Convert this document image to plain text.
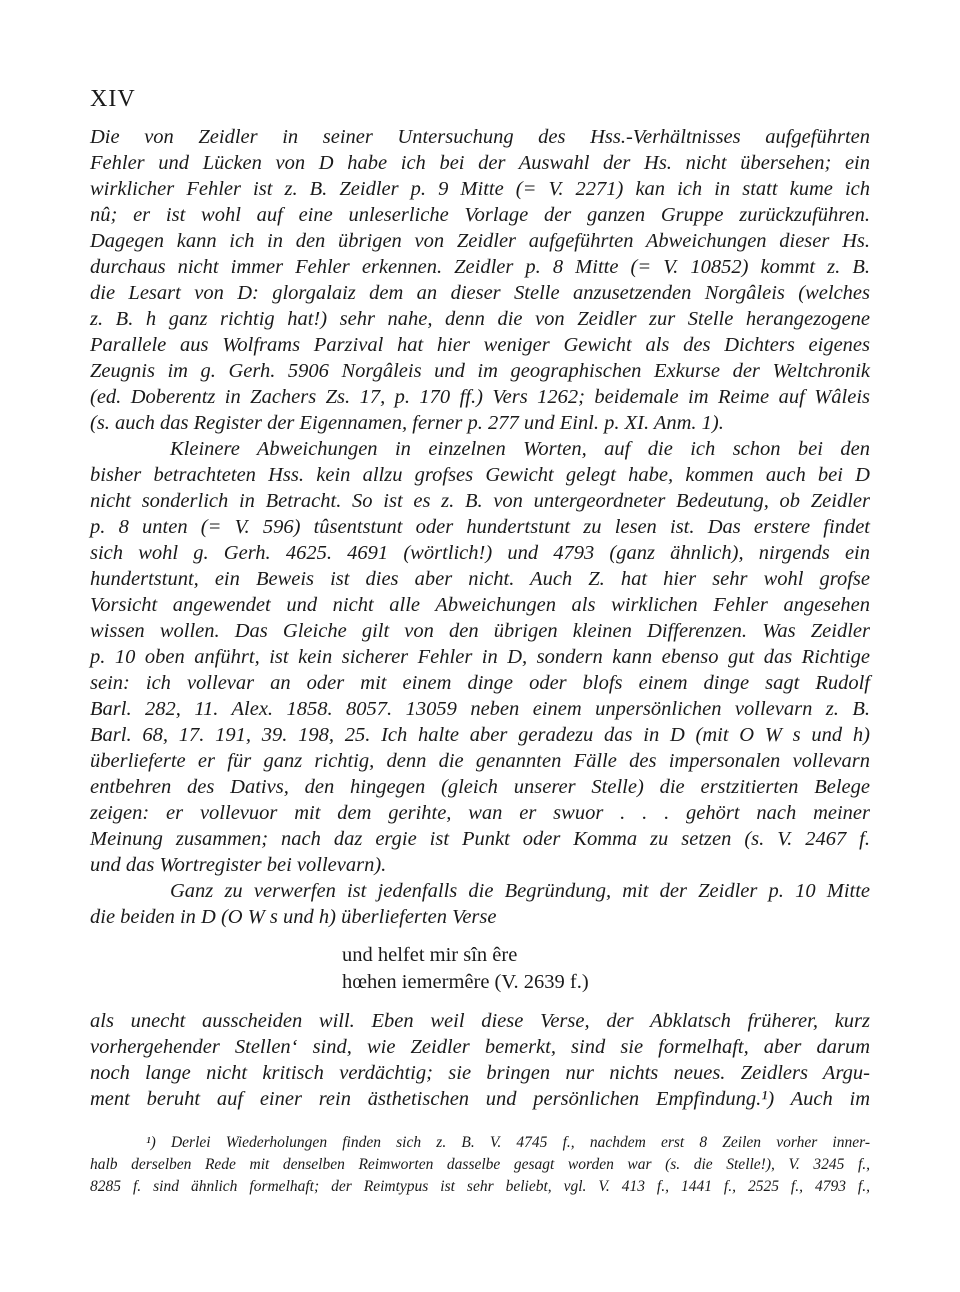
XIV
Die von Zeidler in seiner Untersuchung des Hss.-Verhältnisses aufgeführten
Fehler und Lücken von D habe ich bei der Auswahl der Hs. nicht übersehen; ein
wirklicher Fehler ist z. B. Zeidler p. 9 Mitte (= V. 2271) kan ich in statt kume ich
nû; er ist wohl auf eine unleserliche Vorlage der ganzen Gruppe zurückzuführen.
Dagegen kann ich in den übrigen von Zeidler aufgeführten Abweichungen dieser Hs.
durchaus nicht immer Fehler erkennen. Zeidler p. 8 Mitte (= V. 10852) kommt z. B.
die Lesart von D: glorgalaiz dem an dieser Stelle anzusetzenden Norgâleis (welches
z. B. h ganz richtig hat!) sehr nahe, denn die von Zeidler zur Stelle herangezogene
Parallele aus Wolframs Parzival hat hier weniger Gewicht als des Dichters eigenes
Zeugnis im g. Gerh. 5906 Norgâleis und im geographischen Exkurse der Weltchronik
(ed. Doberentz in Zachers Zs. 17, p. 170 ff.) Vers 1262; beidemale im Reime auf Wâleis
(s. auch das Register der Eigennamen, ferner p. 277 und Einl. p. XI. Anm. 1).
Kleinere Abweichungen in einzelnen Worten, auf die ich schon bei den
bisher betrachteten Hss. kein allzu grofses Gewicht gelegt habe, kommen auch bei D
nicht sonderlich in Betracht. So ist es z. B. von untergeordneter Bedeutung, ob Zeidler
p. 8 unten (= V. 596) tûsentstunt oder hundertstunt zu lesen ist. Das erstere findet
sich wohl g. Gerh. 4625. 4691 (wörtlich!) und 4793 (ganz ähnlich), nirgends ein
hundertstunt, ein Beweis ist dies aber nicht. Auch Z. hat hier sehr wohl grofse
Vorsicht angewendet und nicht alle Abweichungen als wirklichen Fehler angesehen
wissen wollen. Das Gleiche gilt von den übrigen kleinen Differenzen. Was Zeidler
p. 10 oben anführt, ist kein sicherer Fehler in D, sondern kann ebenso gut das Richtige
sein: ich vollevar an oder mit einem dinge oder blofs einem dinge sagt Rudolf
Barl. 282, 11. Alex. 1858. 8057. 13059 neben einem unpersönlichen vollevarn z. B.
Barl. 68, 17. 191, 39. 198, 25. Ich halte aber geradezu das in D (mit O W s und h)
überlieferte er für ganz richtig, denn die genannten Fälle des impersonalen vollevarn
entbehren des Dativs, den hingegen (gleich unserer Stelle) die erstzitierten Belege
zeigen: er vollevuor mit dem gerihte, wan er swuor . . . gehört nach meiner
Meinung zusammen; nach daz ergie ist Punkt oder Komma zu setzen (s. V. 2467 f.
und das Wortregister bei vollevarn).
Ganz zu verwerfen ist jedenfalls die Begründung, mit der Zeidler p. 10 Mitte
die beiden in D (O W s und h) überlieferten Verse
und helfet mir sîn êre
hœhen iemermêre (V. 2639 f.)
als unecht ausscheiden will. Eben weil diese Verse, der Abklatsch früherer, kurz
vorhergehender Stellen‘ sind, wie Zeidler bemerkt, sind sie formelhaft, aber darum
noch lange nicht kritisch verdächtig; sie bringen nur nichts neues. Zeidlers Argu-
ment beruht auf einer rein ästhetischen und persönlichen Empfindung.¹) Auch im
¹) Derlei Wiederholungen finden sich z. B. V. 4745 f., nachdem erst 8 Zeilen vorher inner-
halb derselben Rede mit denselben Reimworten dasselbe gesagt worden war (s. die Stelle!), V. 3245 f.,
8285 f. sind ähnlich formelhaft; der Reimtypus ist sehr beliebt, vgl. V. 413 f., 1441 f., 2525 f., 4793 f.,
